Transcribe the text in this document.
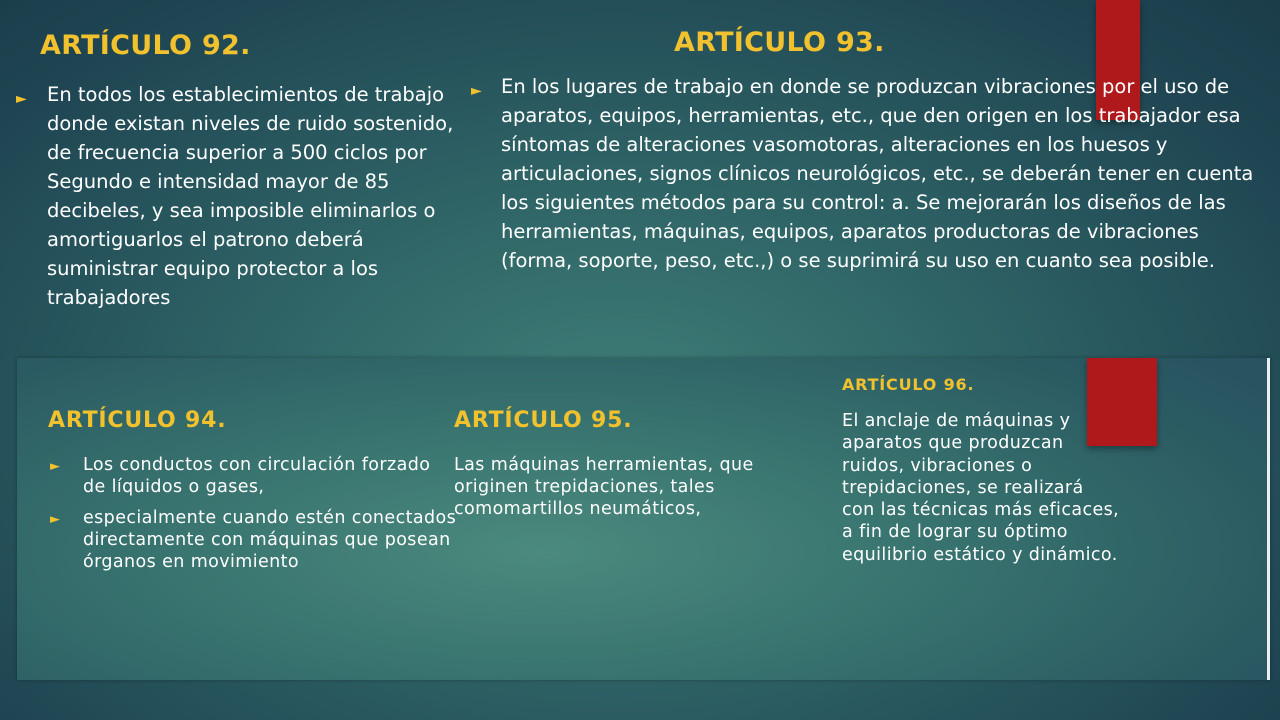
ARTÍCULO 92.
► En todos los establecimientos de trabajo donde existan niveles de ruido sostenido, de frecuencia superior a 500 ciclos por Segundo e intensidad mayor de 85 decibeles, y sea imposible eliminarlos o amortiguarlos el patrono deberá suministrar equipo protector a los trabajadores

ARTÍCULO 93.
► En los lugares de trabajo en donde se produzcan vibraciones por el uso de aparatos, equipos, herramientas, etc., que den origen en los trabajador esa síntomas de alteraciones vasomotoras, alteraciones en los huesos y articulaciones, signos clínicos neurológicos, etc., se deberán tener en cuenta los siguientes métodos para su control: a. Se mejorarán los diseños de las herramientas, máquinas, equipos, aparatos productoras de vibraciones (forma, soporte, peso, etc.,) o se suprimirá su uso en cuanto sea posible.

ARTÍCULO 94.
► Los conductos con circulación forzado de líquidos o gases,

► especialmente cuando estén conectados directamente con máquinas que posean órganos en movimiento

ARTÍCULO 95.

Las máquinas herramientas, que originen trepidaciones, tales comomartillos neumáticos,

ARTÍCULO 96.

El anclaje de máquinas y aparatos que produzcan ruidos, vibraciones o trepidaciones, se realizará con las técnicas más eficaces, a fin de lograr su óptimo equilibrio estático y dinámico.
